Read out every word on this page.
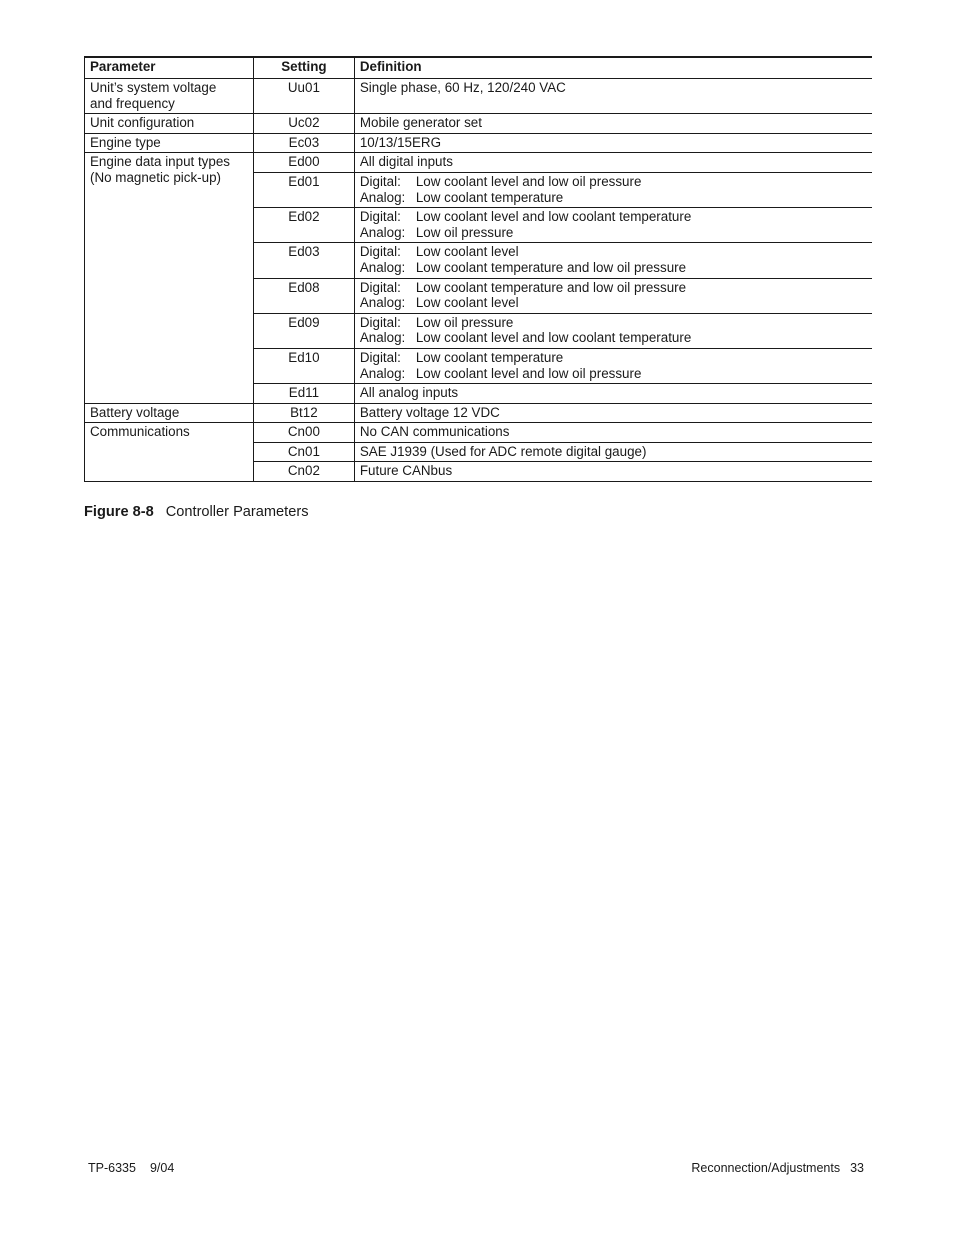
Parameter	Setting	Definition

Unit’s system voltage
and frequency	Uu01	Single phase, 60 Hz, 120/240 VAC
Unit configuration	Uc02	Mobile generator set
Engine type	Ec03	10/13/15ERG

Engine data input types
(No magnetic pick-up)	Ed00	All digital inputs
	Ed01	Digital: Low coolant level and low oil pressure
Analog: Low coolant temperature

	Ed02	Digital: Low coolant level and low coolant temperature
Analog: Low oil pressure

	Ed03	Digital: Low coolant level
Analog: Low coolant temperature and low oil pressure

	Ed08	Digital: Low coolant temperature and low oil pressure
Analog: Low coolant level

	Ed09	Digital: Low oil pressure
Analog: Low coolant level and low coolant temperature

	Ed10	Digital: Low coolant temperature
Analog: Low coolant level and low oil pressure

	Ed11	All analog inputs
Battery voltage	Bt12	Battery voltage 12 VDC
Communications	Cn00	No CAN communications
	Cn01	SAE J1939 (Used for ADC remote digital gauge)
	Cn02	Future CANbus
Figure 8-8 Controller Parameters
TP-6335 9/04	Reconnection/Adjustments 33
